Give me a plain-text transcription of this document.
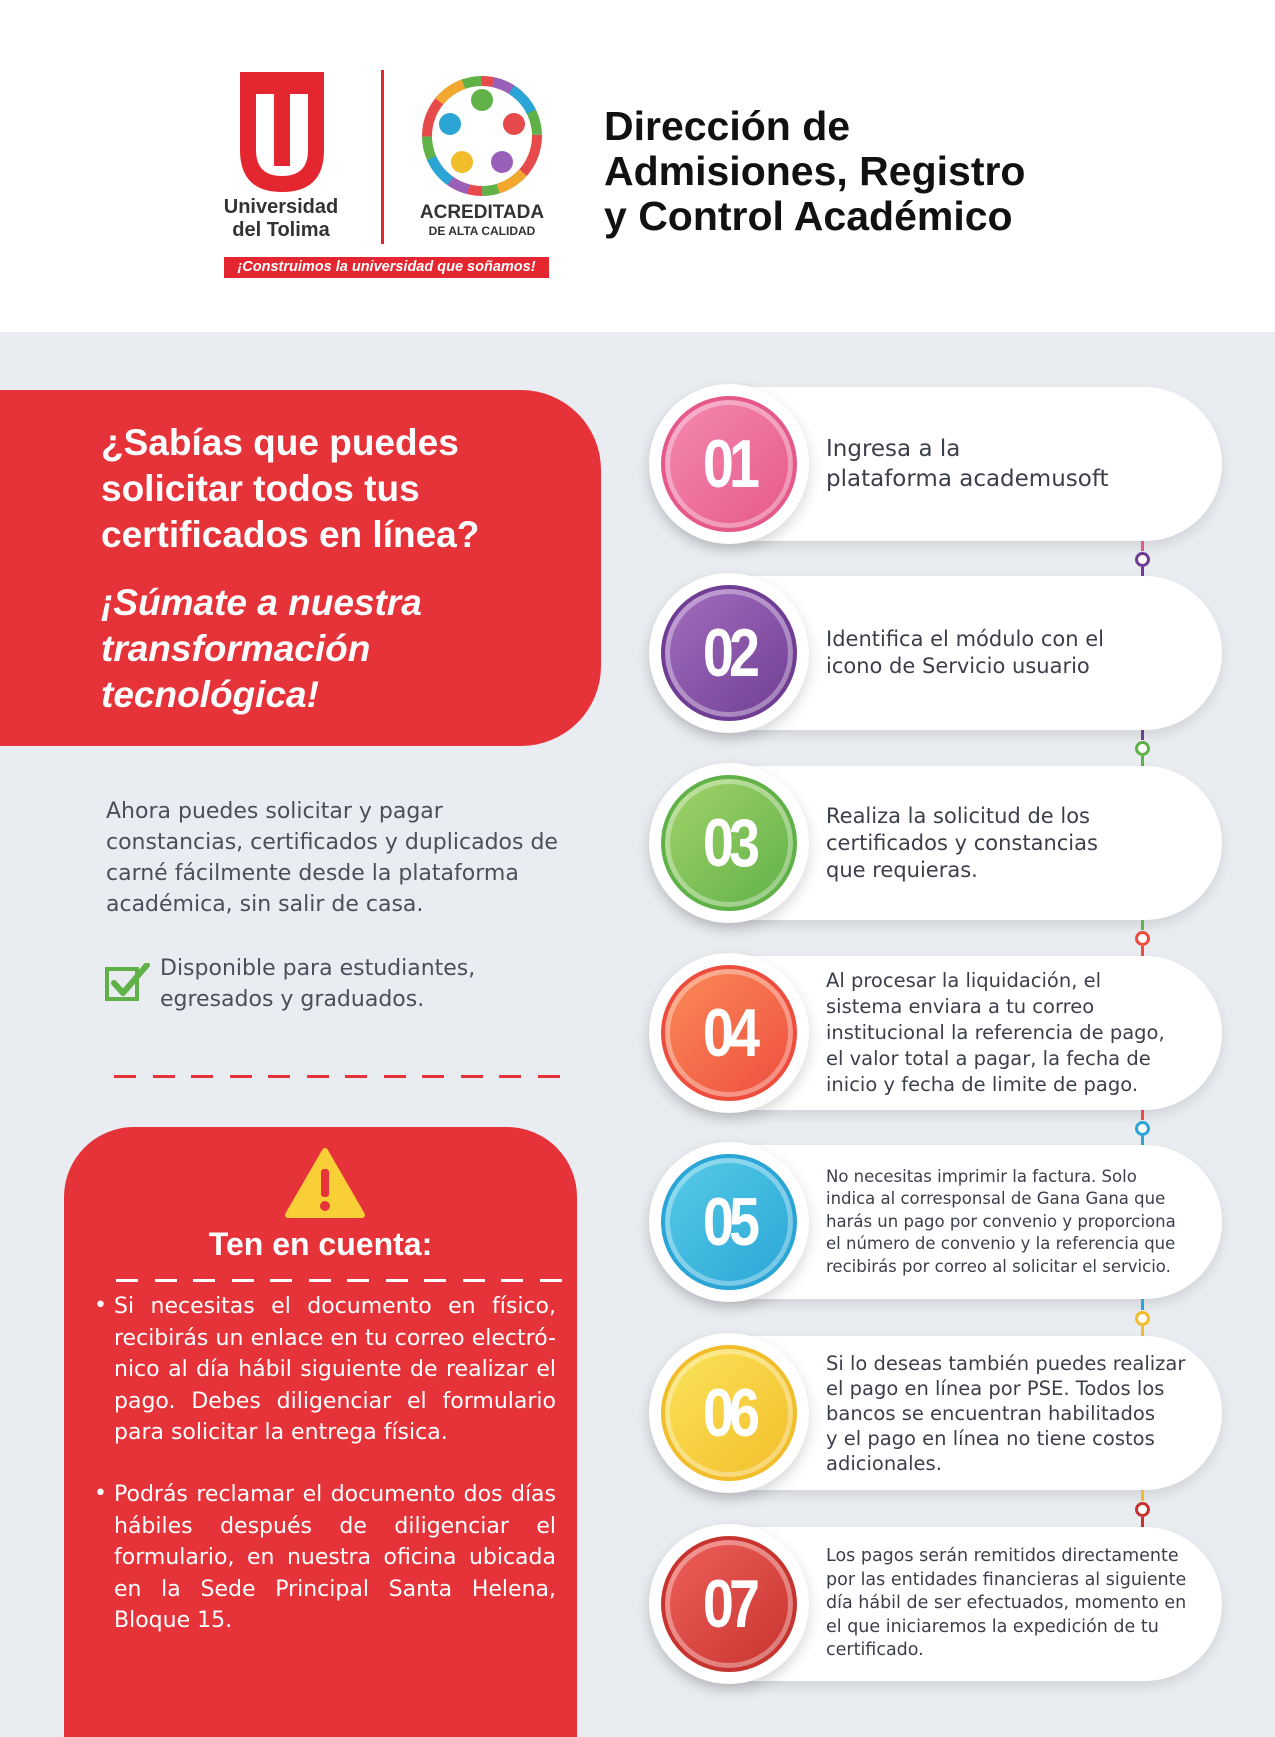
Universidad
del Tolima
ACREDITADA
DE ALTA CALIDAD
¡Construimos la universidad que soñamos!
Dirección de
Admisiones, Registro
y Control Académico
¿Sabías que puedes solicitar todos tus certificados en línea?
¡Súmate a nuestra transformación tecnológica!
Ahora puedes solicitar y pagar constancias, certificados y duplicados de carné fácilmente desde la plataforma académica, sin salir de casa.
Disponible para estudiantes, egresados y graduados.
Ten en cuenta:
• Si necesitas el documento en físico, recibirás un enlace en tu correo electró-nico al día hábil siguiente de realizar el pago. Debes diligenciar el formulario para solicitar la entrega física.
• Podrás reclamar el documento dos días hábiles después de diligenciar el formulario, en nuestra oficina ubicada en la Sede Principal Santa Helena, Bloque 15.
01	Ingresa a la
plataforma academusoft
02	Identifica el módulo con el
icono de Servicio usuario
03	Realiza la solicitud de los
certificados y constancias
que requieras.
04
Al procesar la liquidación, el
sistema enviara a tu correo
institucional la referencia de pago,
el valor total a pagar, la fecha de
inicio y fecha de limite de pago.
05
No necesitas imprimir la factura. Solo
indica al corresponsal de Gana Gana que
harás un pago por convenio y proporciona
el número de convenio y la referencia que
recibirás por correo al solicitar el servicio.
06
Si lo deseas también puedes realizar
el pago en línea por PSE. Todos los
bancos se encuentran habilitados
y el pago en línea no tiene costos
adicionales.
07
Los pagos serán remitidos directamente
por las entidades financieras al siguiente
día hábil de ser efectuados, momento en
el que iniciaremos la expedición de tu
certificado.
